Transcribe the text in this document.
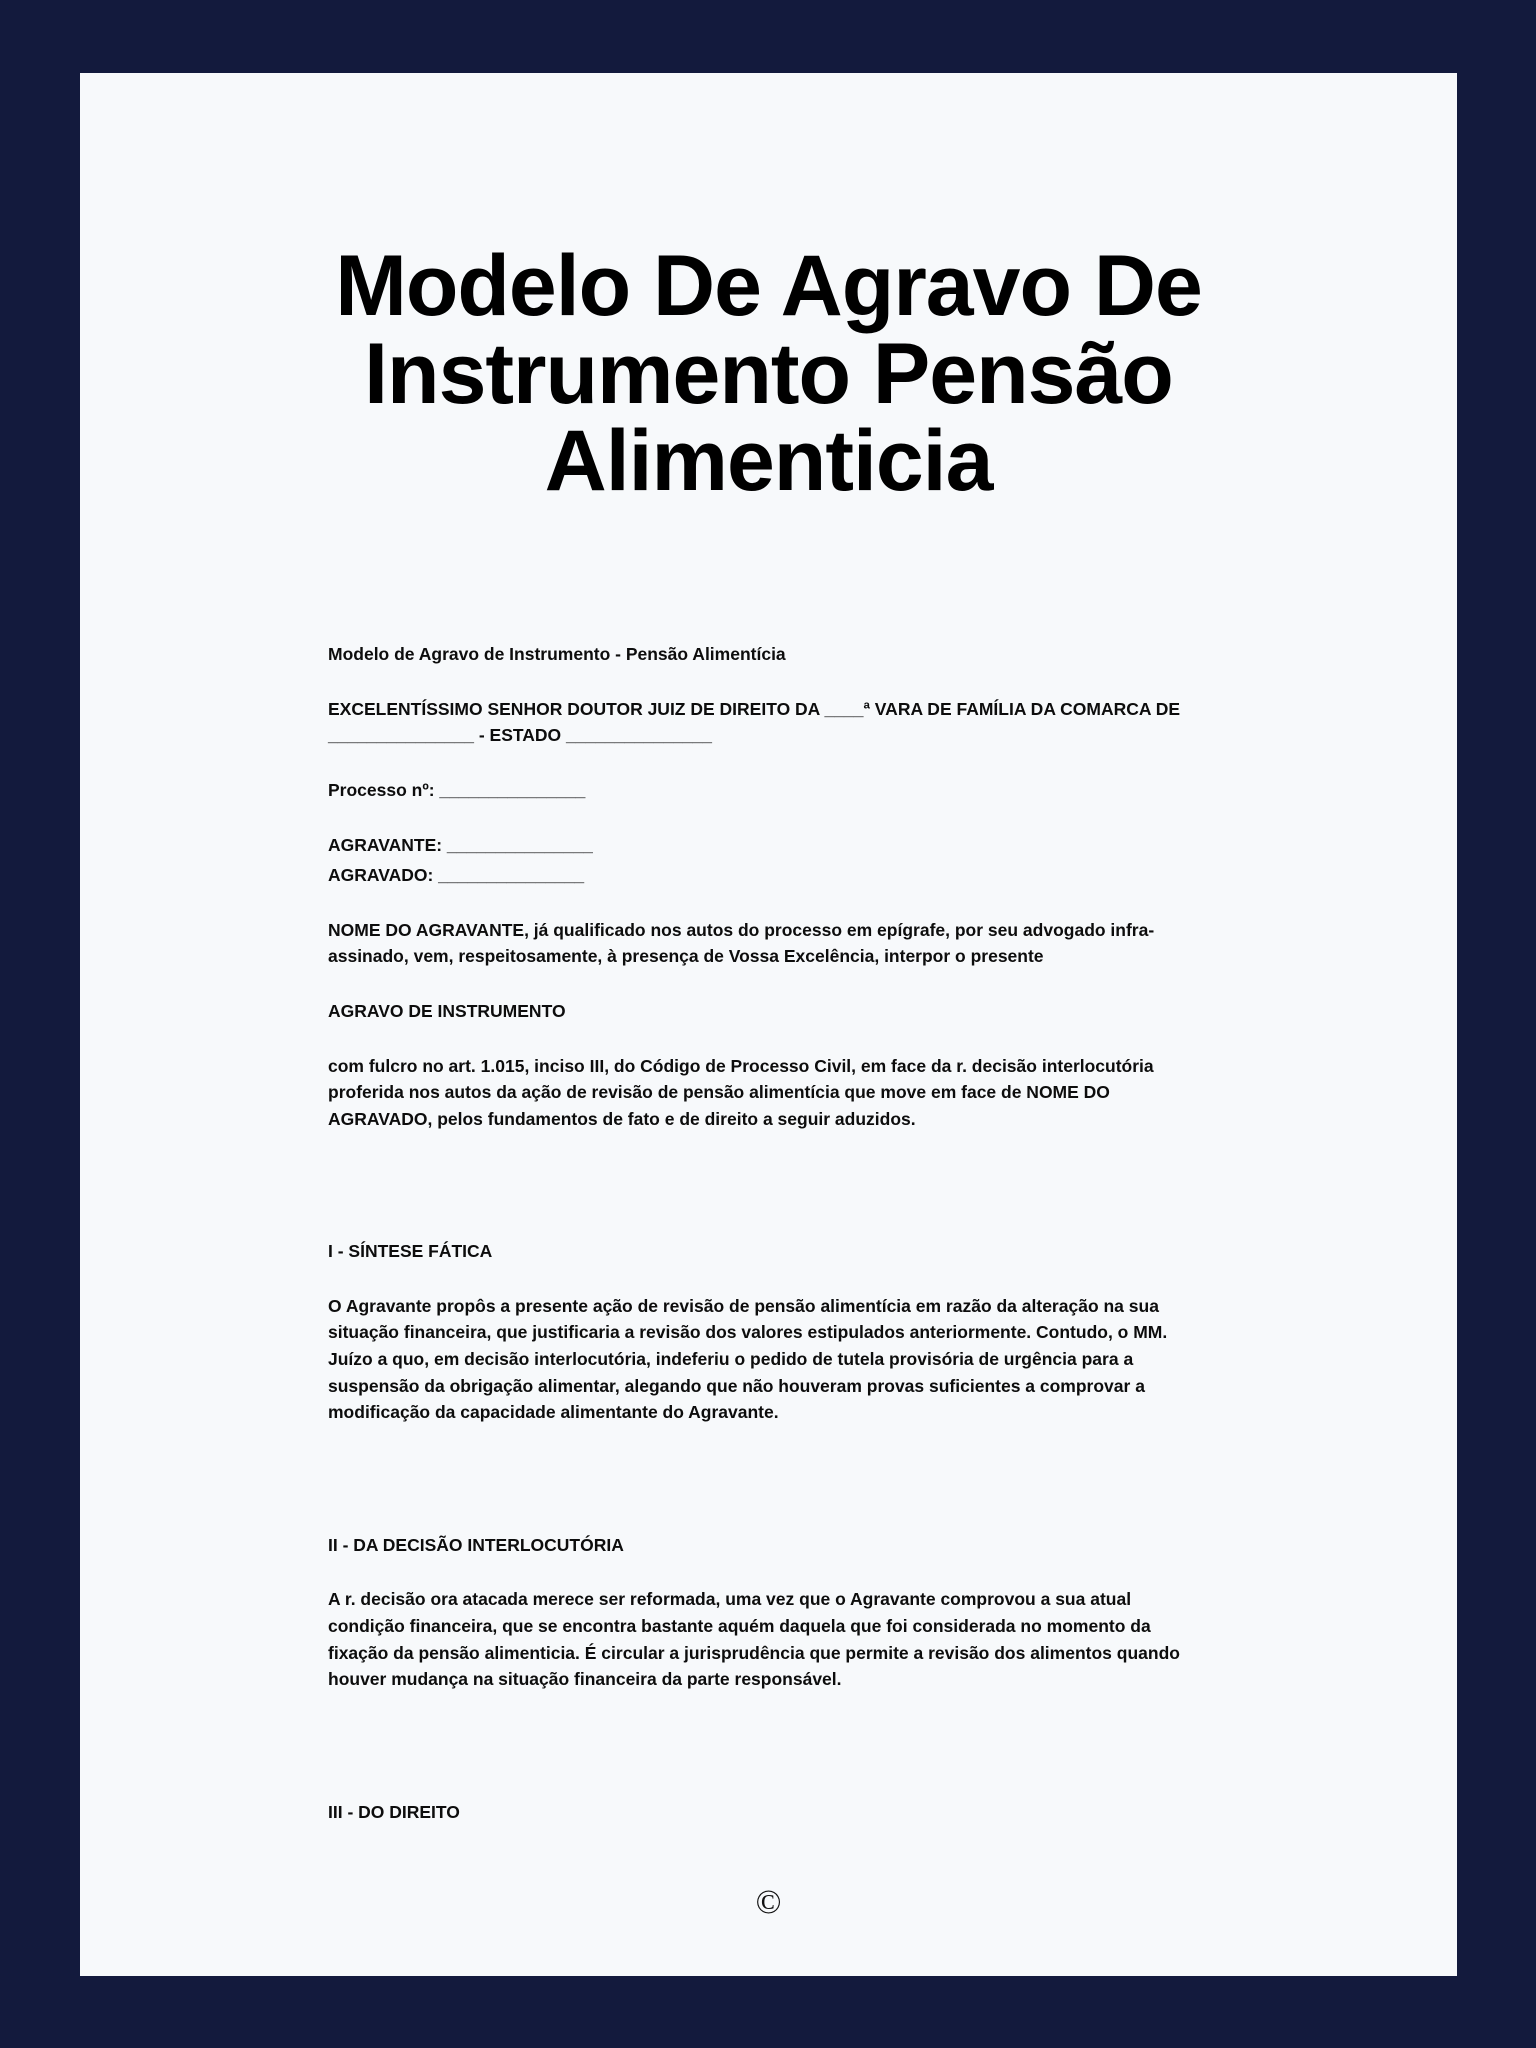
Modelo De Agravo De Instrumento Pensão Alimenticia

Modelo de Agravo de Instrumento - Pensão Alimentícia

EXCELENTÍSSIMO SENHOR DOUTOR JUIZ DE DIREITO DA ____ª VARA DE FAMÍLIA DA COMARCA DE _______________ - ESTADO _______________

Processo nº: _______________

AGRAVANTE: _______________

AGRAVADO: _______________

NOME DO AGRAVANTE, já qualificado nos autos do processo em epígrafe, por seu advogado infra-assinado, vem, respeitosamente, à presença de Vossa Excelência, interpor o presente

AGRAVO DE INSTRUMENTO

com fulcro no art. 1.015, inciso III, do Código de Processo Civil, em face da r. decisão interlocutória proferida nos autos da ação de revisão de pensão alimentícia que move em face de NOME DO AGRAVADO, pelos fundamentos de fato e de direito a seguir aduzidos.

I - SÍNTESE FÁTICA

O Agravante propôs a presente ação de revisão de pensão alimentícia em razão da alteração na sua situação financeira, que justificaria a revisão dos valores estipulados anteriormente. Contudo, o MM. Juízo a quo, em decisão interlocutória, indeferiu o pedido de tutela provisória de urgência para a suspensão da obrigação alimentar, alegando que não houveram provas suficientes a comprovar a modificação da capacidade alimentante do Agravante.

II - DA DECISÃO INTERLOCUTÓRIA

A r. decisão ora atacada merece ser reformada, uma vez que o Agravante comprovou a sua atual condição financeira, que se encontra bastante aquém daquela que foi considerada no momento da fixação da pensão alimenticia. É circular a jurisprudência que permite a revisão dos alimentos quando houver mudança na situação financeira da parte responsável.

III - DO DIREITO

©
